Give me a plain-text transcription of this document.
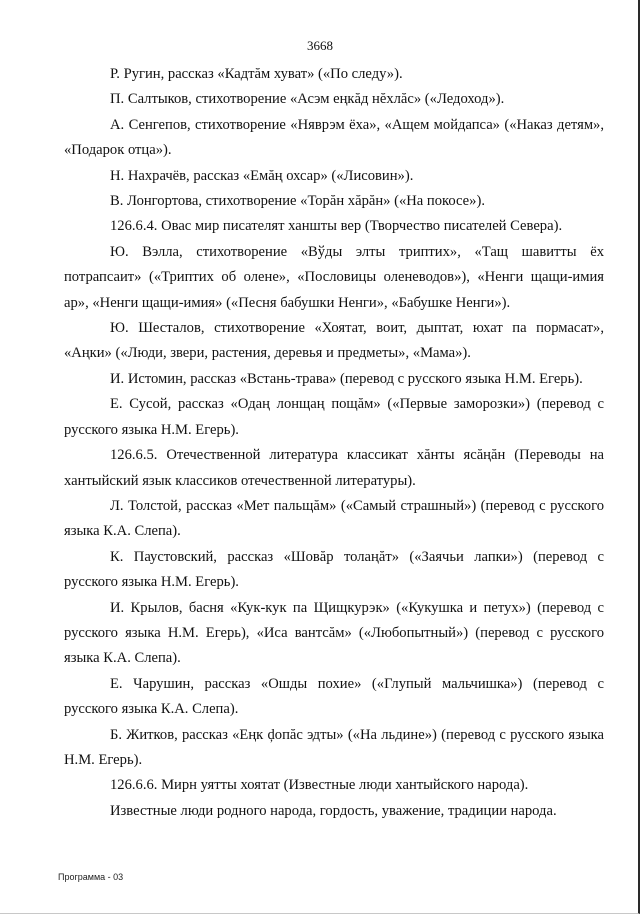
3668

Р. Ругин, рассказ «Кадтăм хуват» («По следу»).

П. Салтыков, стихотворение «Асэм еңкăд нĕхлăс» («Ледоход»).

А. Сенгепов, стихотворение «Няврэм ёха», «Ащем мойдапса» («Наказ детям», «Подарок отца»).

Н. Нахрачёв, рассказ «Емăң охсар» («Лисовин»).

В. Лонгортова, стихотворение «Торăн хăрăн» («На покосе»).

126.6.4. Овас мир писателят ханшты вер (Творчество писателей Севера).

Ю. Вэлла, стихотворение «Вўды элты триптих», «Тащ шавитты ёх потрапсаит» («Триптих об олене», «Пословицы оленеводов»), «Ненги щащи-имия ар», «Ненги щащи-имия» («Песня бабушки Ненги», «Бабушке Ненги»).

Ю. Шесталов, стихотворение «Хоятат, воит, дыптат, юхат па пормасат», «Аңки» («Люди, звери, растения, деревья и предметы», «Мама»).

И. Истомин, рассказ «Встань-трава» (перевод с русского языка Н.М. Егерь).

Е. Сусой, рассказ «Одаң лонщаң пощăм» («Первые заморозки») (перевод с русского языка Н.М. Егерь).

126.6.5. Отечественной литература классикат хăнты ясăңăн (Переводы на хантыйский язык классиков отечественной литературы).

Л. Толстой, рассказ «Мет пальщăм» («Самый страшный») (перевод с русского языка К.А. Слепа).

К. Паустовский, рассказ «Шовăр толаңăт» («Заячьи лапки») (перевод с русского языка Н.М. Егерь).

И. Крылов, басня «Кук-кук па Щищкурэк» («Кукушка и петух») (перевод с русского языка Н.М. Егерь), «Иса вантсăм» («Любопытный») (перевод с русского языка К.А. Слепа).

Е. Чарушин, рассказ «Ошды похие» («Глупый мальчишка») (перевод с русского языка К.А. Слепа).

Б. Житков, рассказ «Еңк ḑопăс эдты» («На льдине») (перевод с русского языка Н.М. Егерь).

126.6.6. Мирн уятты хоятат (Известные люди хантыйского народа).

Известные люди родного народа, гордость, уважение, традиции народа.

Программа - 03
